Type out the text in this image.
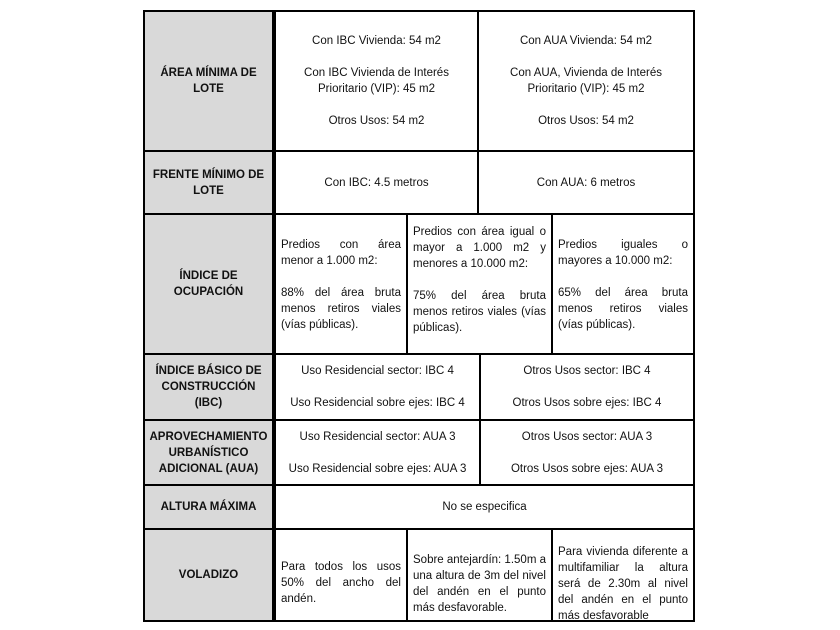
ÁREA MÍNIMA DE LOTE
Con IBC Vivienda: 54 m2
Con IBC Vivienda de Interés Prioritario (VIP): 45 m2
Otros Usos: 54 m2
Con AUA Vivienda: 54 m2
Con AUA, Vivienda de Interés Prioritario (VIP): 45 m2
Otros Usos: 54 m2
FRENTE MÍNIMO DE LOTE
Con IBC: 4.5 metros	Con AUA: 6 metros
ÍNDICE DE OCUPACIÓN
Predios con área menor a 1.000 m2:
88% del área bruta menos retiros viales (vías públicas).
Predios con área igual o mayor a 1.000 m2 y menores a 10.000 m2:
75% del área bruta menos retiros viales (vías públicas).
Predios iguales o mayores a 10.000 m2:
65% del área bruta menos retiros viales (vías públicas).
ÍNDICE BÁSICO DE CONSTRUCCIÓN (IBC)
Uso Residencial sector: IBC 4
Uso Residencial sobre ejes: IBC 4
Otros Usos sector: IBC 4
Otros Usos sobre ejes: IBC 4
APROVECHAMIENTO URBANÍSTICO ADICIONAL (AUA)
Uso Residencial sector: AUA 3
Uso Residencial sobre ejes: AUA 3
Otros Usos sector: AUA 3
Otros Usos sobre ejes: AUA 3
ALTURA MÁXIMA	No se especifica
VOLADIZO
Para todos los usos 50% del ancho del andén.
Sobre antejardín: 1.50m a una altura de 3m del nivel del andén en el punto más desfavorable.
Para vivienda diferente a multifamiliar la altura será de 2.30m al nivel del andén en el punto más desfavorable
